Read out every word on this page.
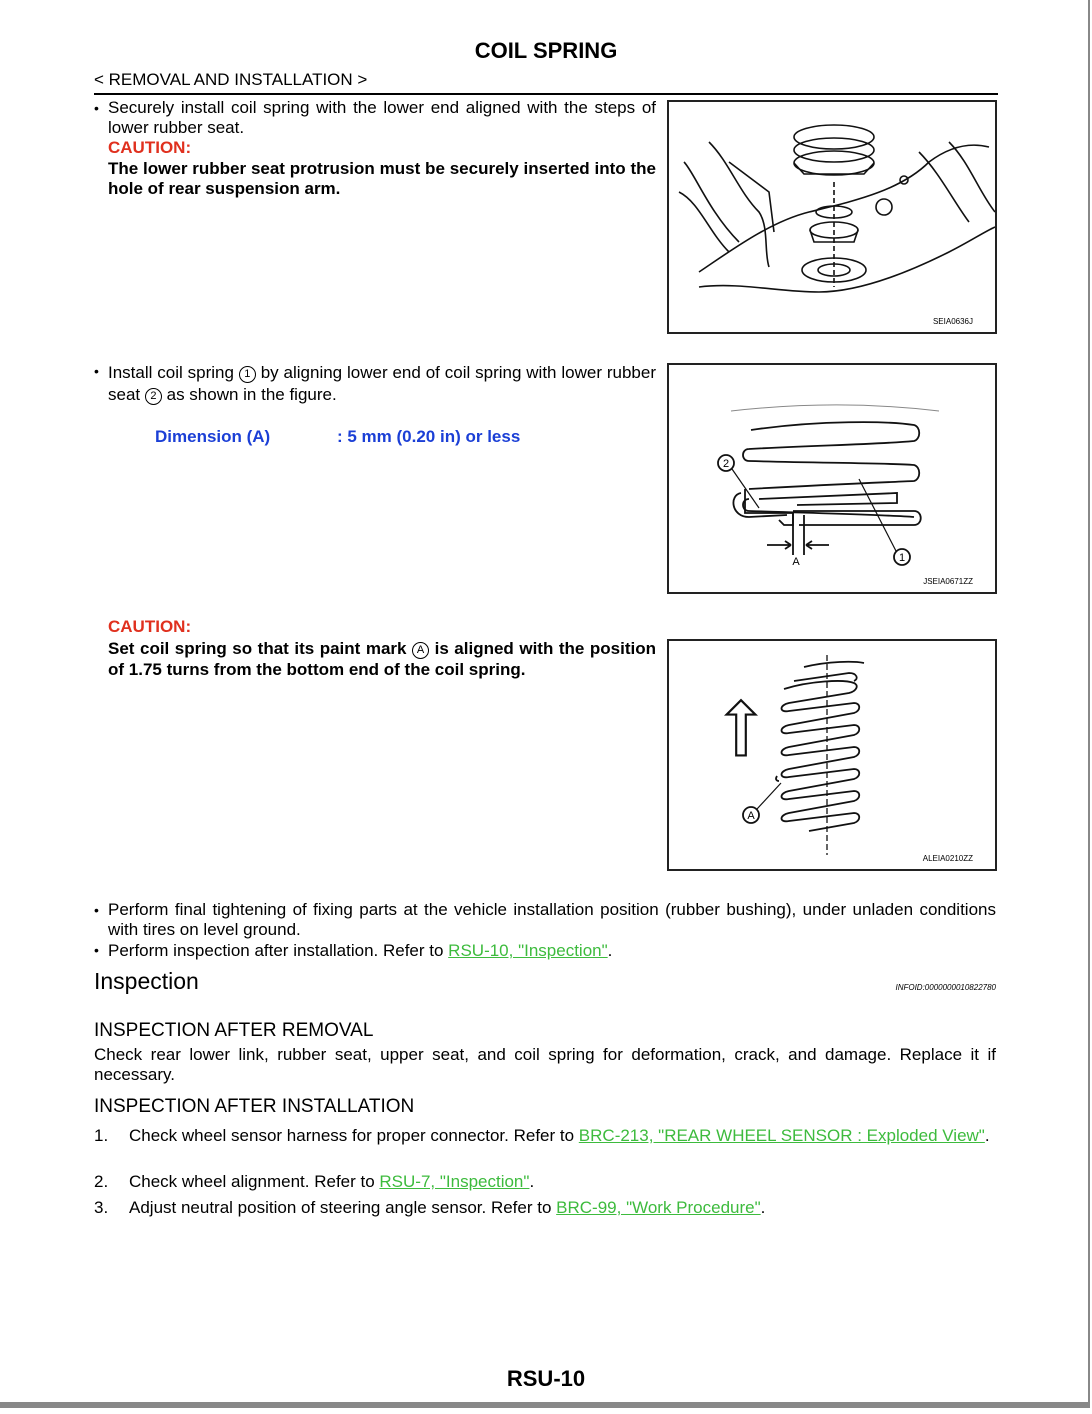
COIL SPRING
< REMOVAL AND INSTALLATION >
• Securely install coil spring with the lower end aligned with the steps of lower rubber seat.
CAUTION:
The lower rubber seat protrusion must be securely inserted into the hole of rear suspension arm.
SEIA0636J
• Install coil spring 1 by aligning lower end of coil spring with lower rubber seat 2 as shown in the figure.
Dimension (A)	: 5 mm (0.20 in) or less
2
1
A
JSEIA0671ZZ
CAUTION:
Set coil spring so that its paint mark A is aligned with the position of 1.75 turns from the bottom end of the coil spring.
A
ALEIA0210ZZ
• Perform final tightening of fixing parts at the vehicle installation position (rubber bushing), under unladen conditions with tires on level ground.
• Perform inspection after installation. Refer to RSU-10, "Inspection".
Inspection	INFOID:0000000010822780
INSPECTION AFTER REMOVAL
Check rear lower link, rubber seat, upper seat, and coil spring for deformation, crack, and damage. Replace it if necessary.
INSPECTION AFTER INSTALLATION
1. Check wheel sensor harness for proper connector. Refer to BRC-213, "REAR WHEEL SENSOR : Exploded View".
2. Check wheel alignment. Refer to RSU-7, "Inspection".
3. Adjust neutral position of steering angle sensor. Refer to BRC-99, "Work Procedure".
RSU-10
